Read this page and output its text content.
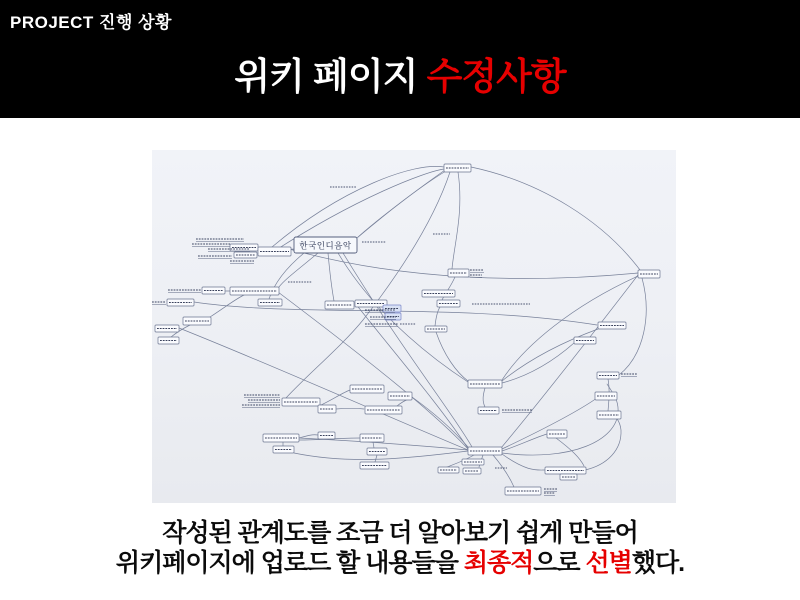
PROJECT 진행 상황
위키 페이지 수정사항
한국인디음악
작성된 관계도를 조금 더 알아보기 쉽게 만들어
위키페이지에 업로드 할 내용들을 최종적으로 선별했다.
